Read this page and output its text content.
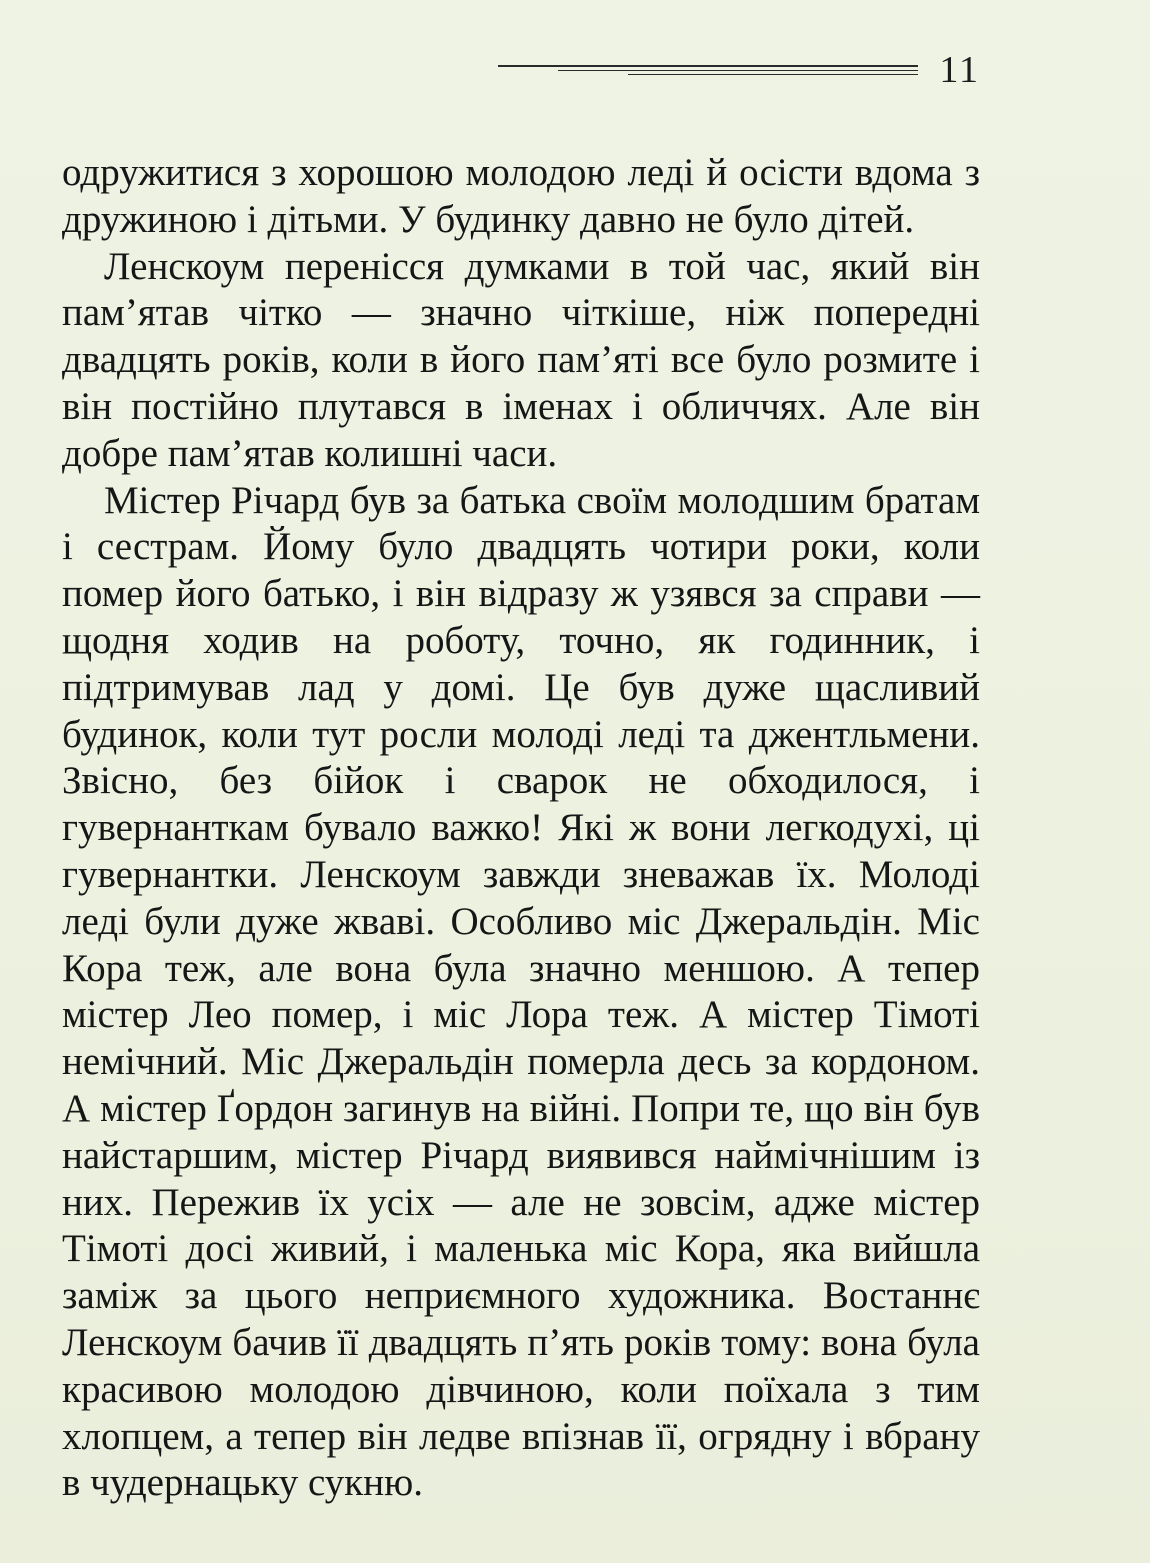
11

одружитися з хорошою молодою леді й осісти вдома з дружиною і дітьми. У будинку давно не було дітей.

Ленскоум перенісся думками в той час, який він пам’ятав чітко — значно чіткіше, ніж попередні двадцять років, коли в його пам’яті все було розмите і він постійно плутався в іменах і обличчях. Але він добре пам’ятав колишні часи.

Містер Річард був за батька своїм молодшим братам і сестрам. Йому було двадцять чотири роки, коли помер його батько, і він відразу ж узявся за справи — щодня ходив на роботу, точно, як годинник, і підтримував лад у домі. Це був дуже щасливий будинок, коли тут росли молоді леді та джентльмени. Звісно, без бійок і сварок не обходилося, і гувернанткам бувало важко! Які ж вони легкодухі, ці гувернантки. Ленскоум завжди зневажав їх. Молоді леді були дуже жваві. Особливо міс Джеральдін. Міс Кора теж, але вона була значно меншою. А тепер містер Лео помер, і міс Лора теж. А містер Тімоті немічний. Міс Джеральдін померла десь за кордоном. А містер Ґордон загинув на війні. Попри те, що він був найстаршим, містер Річард виявився наймічнішим із них. Пережив їх усіх — але не зовсім, адже містер Тімоті досі живий, і маленька міс Кора, яка вийшла заміж за цього неприємного художника. Востаннє Ленскоум бачив її двадцять п’ять років тому: вона була красивою молодою дівчиною, коли поїхала з тим хлопцем, а тепер він ледве впізнав її, огрядну і вбрану в чудернацьку сукню.
